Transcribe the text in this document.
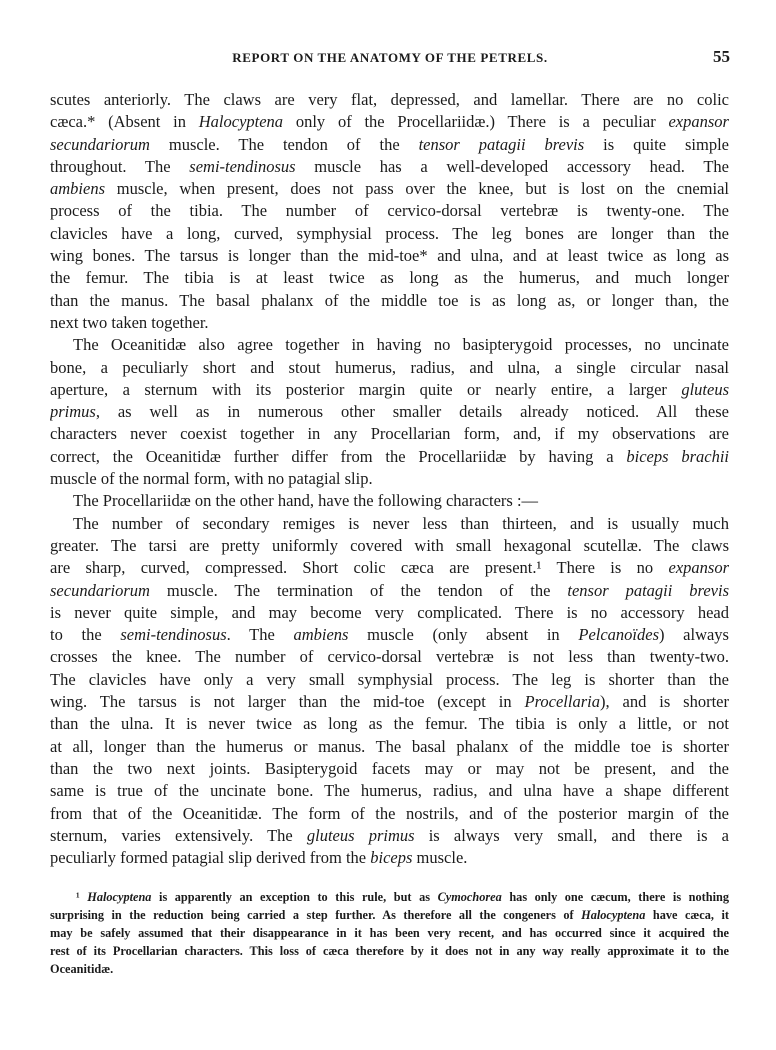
REPORT ON THE ANATOMY OF THE PETRELS.	55
scutes anteriorly. The claws are very flat, depressed, and lamellar. There are no colic
cæca.* (Absent in Halocyptena only of the Procellariidæ.) There is a peculiar expansor
secundariorum muscle. The tendon of the tensor patagii brevis is quite simple
throughout. The semi-tendinosus muscle has a well-developed accessory head. The
ambiens muscle, when present, does not pass over the knee, but is lost on the cnemial
process of the tibia. The number of cervico-dorsal vertebræ is twenty-one. The
clavicles have a long, curved, symphysial process. The leg bones are longer than the
wing bones. The tarsus is longer than the mid-toe* and ulna, and at least twice as long as
the femur. The tibia is at least twice as long as the humerus, and much longer
than the manus. The basal phalanx of the middle toe is as long as, or longer than, the
next two taken together.
The Oceanitidæ also agree together in having no basipterygoid processes, no uncinate
bone, a peculiarly short and stout humerus, radius, and ulna, a single circular nasal
aperture, a sternum with its posterior margin quite or nearly entire, a larger gluteus
primus, as well as in numerous other smaller details already noticed. All these
characters never coexist together in any Procellarian form, and, if my observations are
correct, the Oceanitidæ further differ from the Procellariidæ by having a biceps brachii
muscle of the normal form, with no patagial slip.
The Procellariidæ on the other hand, have the following characters :—
The number of secondary remiges is never less than thirteen, and is usually much
greater. The tarsi are pretty uniformly covered with small hexagonal scutellæ. The claws
are sharp, curved, compressed. Short colic cæca are present.¹ There is no expansor
secundariorum muscle. The termination of the tendon of the tensor patagii brevis
is never quite simple, and may become very complicated. There is no accessory head
to the semi-tendinosus. The ambiens muscle (only absent in Pelcanoïdes) always
crosses the knee. The number of cervico-dorsal vertebræ is not less than twenty-two.
The clavicles have only a very small symphysial process. The leg is shorter than the
wing. The tarsus is not larger than the mid-toe (except in Procellaria), and is shorter
than the ulna. It is never twice as long as the femur. The tibia is only a little, or not
at all, longer than the humerus or manus. The basal phalanx of the middle toe is shorter
than the two next joints. Basipterygoid facets may or may not be present, and the
same is true of the uncinate bone. The humerus, radius, and ulna have a shape different
from that of the Oceanitidæ. The form of the nostrils, and of the posterior margin of the
sternum, varies extensively. The gluteus primus is always very small, and there is a
peculiarly formed patagial slip derived from the biceps muscle.
¹ Halocyptena is apparently an exception to this rule, but as Cymochorea has only one cæcum, there is nothing
surprising in the reduction being carried a step further. As therefore all the congeners of Halocyptena have cæca, it
may be safely assumed that their disappearance in it has been very recent, and has occurred since it acquired the
rest of its Procellarian characters. This loss of cæca therefore by it does not in any way really approximate it to the
Oceanitidæ.
